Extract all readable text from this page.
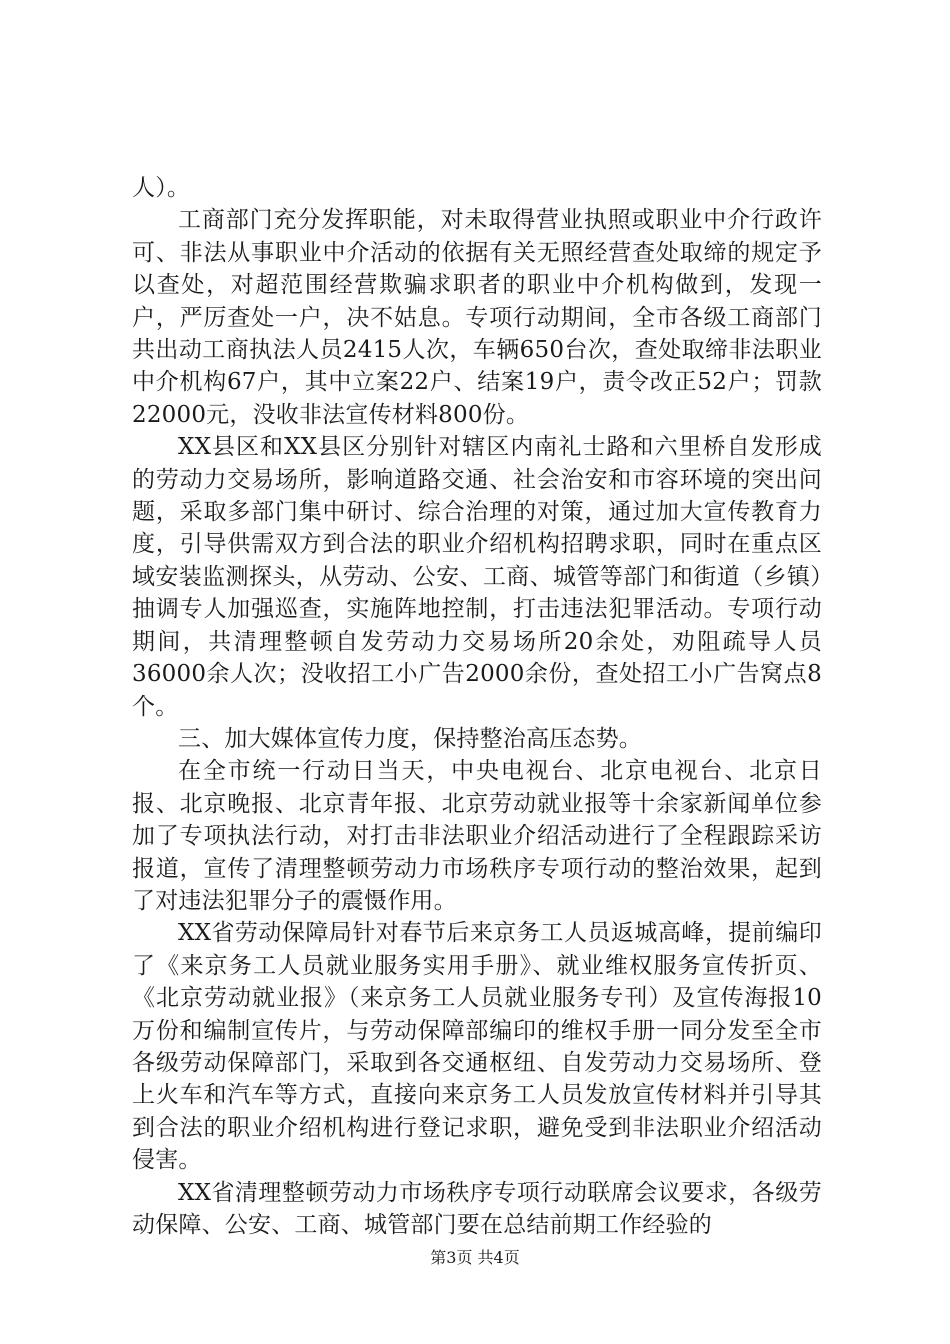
人）。

工商部门充分发挥职能，对未取得营业执照或职业中介行政许可、非法从事职业中介活动的依据有关无照经营查处取缔的规定予以查处，对超范围经营欺骗求职者的职业中介机构做到，发现一户，严厉查处一户，决不姑息。专项行动期间，全市各级工商部门共出动工商执法人员2415人次，车辆650台次，查处取缔非法职业中介机构67户，其中立案22户、结案19户，责令改正52户；罚款22000元，没收非法宣传材料800份。

XX县区和XX县区分别针对辖区内南礼士路和六里桥自发形成的劳动力交易场所，影响道路交通、社会治安和市容环境的突出问题，采取多部门集中研讨、综合治理的对策，通过加大宣传教育力度，引导供需双方到合法的职业介绍机构招聘求职，同时在重点区域安装监测探头，从劳动、公安、工商、城管等部门和街道（乡镇）抽调专人加强巡查，实施阵地控制，打击违法犯罪活动。专项行动期间，共清理整顿自发劳动力交易场所20余处，劝阻疏导人员36000余人次；没收招工小广告2000余份，查处招工小广告窝点8个。

三、加大媒体宣传力度，保持整治高压态势。

在全市统一行动日当天，中央电视台、北京电视台、北京日报、北京晚报、北京青年报、北京劳动就业报等十余家新闻单位参加了专项执法行动，对打击非法职业介绍活动进行了全程跟踪采访报道，宣传了清理整顿劳动力市场秩序专项行动的整治效果，起到了对违法犯罪分子的震慑作用。

XX省劳动保障局针对春节后来京务工人员返城高峰，提前编印了《来京务工人员就业服务实用手册》、就业维权服务宣传折页、《北京劳动就业报》（来京务工人员就业服务专刊）及宣传海报10万份和编制宣传片，与劳动保障部编印的维权手册一同分发至全市各级劳动保障部门，采取到各交通枢纽、自发劳动力交易场所、登上火车和汽车等方式，直接向来京务工人员发放宣传材料并引导其到合法的职业介绍机构进行登记求职，避免受到非法职业介绍活动侵害。

XX省清理整顿劳动力市场秩序专项行动联席会议要求，各级劳动保障、公安、工商、城管部门要在总结前期工作经验的

第3页 共4页
